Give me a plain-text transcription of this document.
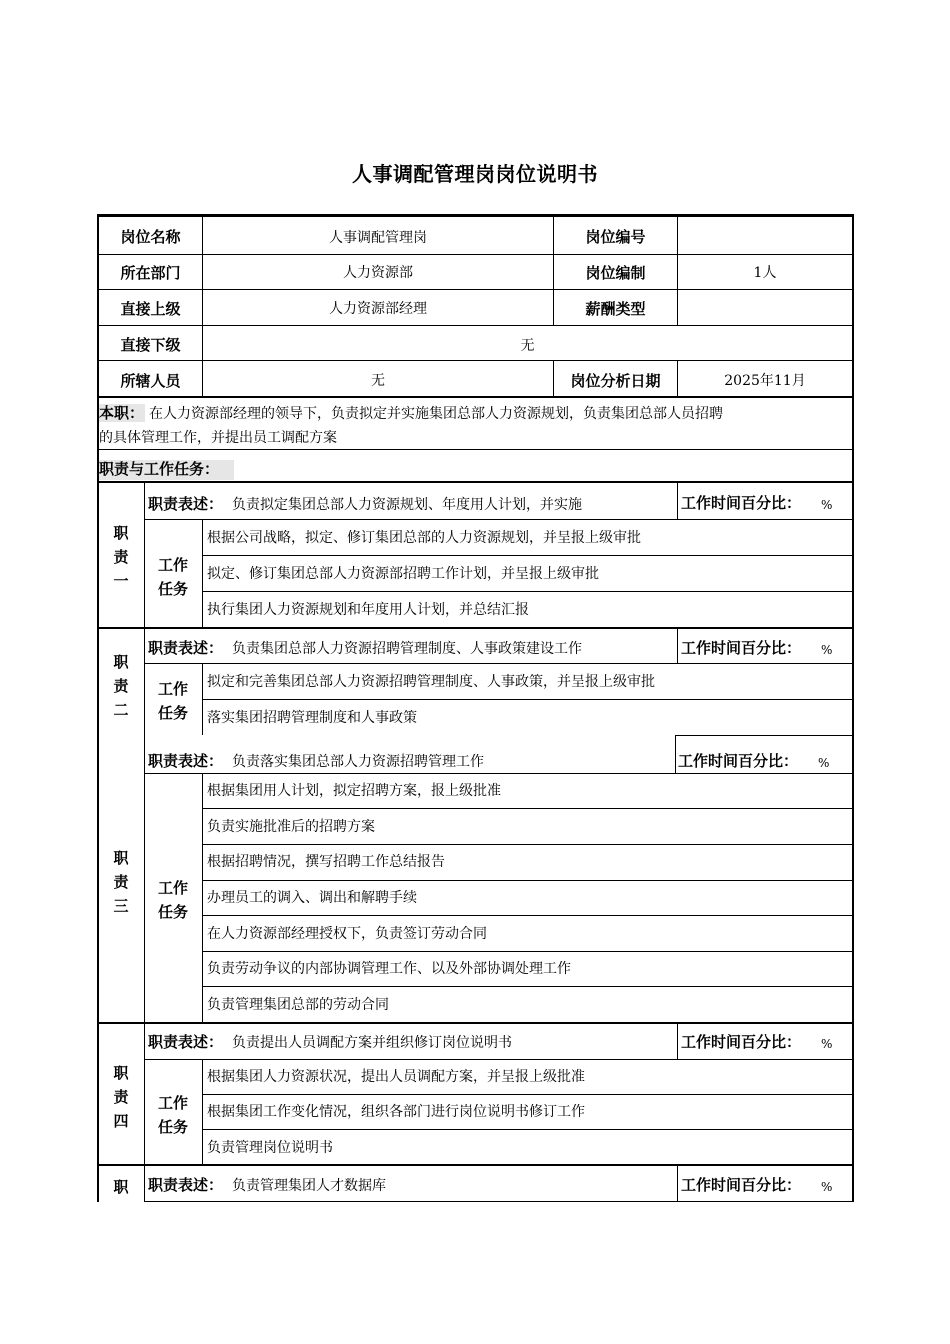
人事调配管理岗岗位说明书
岗位名称	人事调配管理岗	岗位编号
所在部门	人力资源部	岗位编制	1人
直接上级	人力资源部经理	薪酬类型
直接下级	无
所辖人员	无	岗位分析日期	2025年11月
本职： 在人力资源部经理的领导下，负责拟定并实施集团总部人力资源规划，负责集团总部人员招聘
的具体管理工作，并提出员工调配方案
职责与工作任务：
职
责
一
职责表述： 负责拟定集团总部人力资源规划、年度用人计划，并实施	工作时间百分比： %
工作
任务
根据公司战略，拟定、修订集团总部的人力资源规划，并呈报上级审批
拟定、修订集团总部人力资源部招聘工作计划，并呈报上级审批
执行集团人力资源规划和年度用人计划，并总结汇报
职
责
二
职责表述： 负责集团总部人力资源招聘管理制度、人事政策建设工作	工作时间百分比： %
工作
任务
拟定和完善集团总部人力资源招聘管理制度、人事政策，并呈报上级审批
落实集团招聘管理制度和人事政策
职
责
三
职责表述： 负责落实集团总部人力资源招聘管理工作	工作时间百分比： %
工作
任务
根据集团用人计划，拟定招聘方案，报上级批准
负责实施批准后的招聘方案
根据招聘情况，撰写招聘工作总结报告
办理员工的调入、调出和解聘手续
在人力资源部经理授权下，负责签订劳动合同
负责劳动争议的内部协调管理工作、以及外部协调处理工作
负责管理集团总部的劳动合同
职
责
四
职责表述： 负责提出人员调配方案并组织修订岗位说明书	工作时间百分比： %
工作
任务
根据集团人力资源状况，提出人员调配方案，并呈报上级批准
根据集团工作变化情况，组织各部门进行岗位说明书修订工作
负责管理岗位说明书
职	职责表述： 负责管理集团人才数据库	工作时间百分比： %
